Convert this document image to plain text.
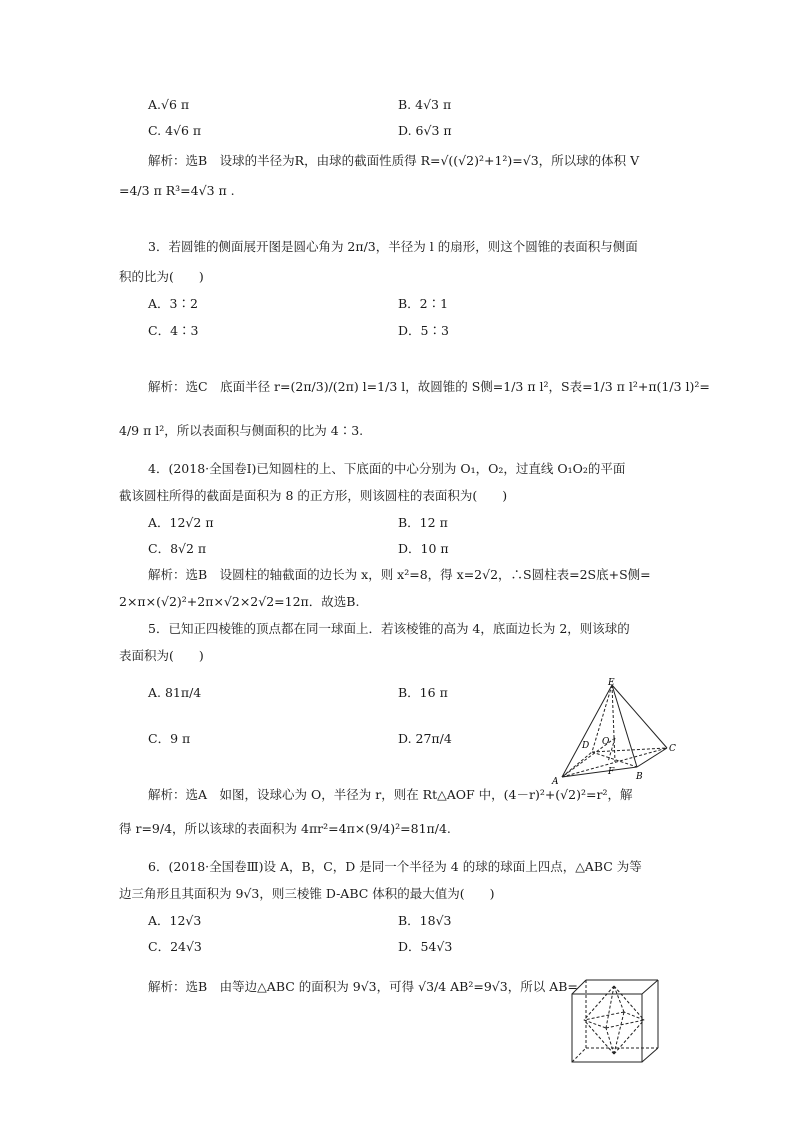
A.√6 π	B. 4√3 π
C. 4√6 π	D. 6√3 π
解析：选B　设球的半径为R，由球的截面性质得 R=√((√2)²+1²)=√3，所以球的体积 V
=4/3 π R³=4√3 π .
3．若圆锥的侧面展开图是圆心角为 2π/3，半径为 l 的扇形，则这个圆锥的表面积与侧面
积的比为(　　)
A．3∶2	B．2∶1
C．4∶3	D．5∶3
解析：选C　底面半径 r=(2π/3)/(2π) l=1/3 l，故圆锥的 S侧=1/3 π l²，S表=1/3 π l²+π(1/3 l)²=
4/9 π l²，所以表面积与侧面积的比为 4∶3.
4．(2018·全国卷Ⅰ)已知圆柱的上、下底面的中心分别为 O₁，O₂，过直线 O₁O₂的平面
截该圆柱所得的截面是面积为 8 的正方形，则该圆柱的表面积为(　　)
A．12√2 π	B．12 π
C．8√2 π	D．10 π
解析：选B　设圆柱的轴截面的边长为 x，则 x²=8，得 x=2√2，∴S圆柱表=2S底+S侧=
2×π×(√2)²+2π×√2×2√2=12π．故选B.
5．已知正四棱锥的顶点都在同一球面上．若该棱锥的高为 4，底面边长为 2，则该球的
表面积为(　　)
A. 81π/4	B．16 π
C．9 π	D. 27π/4
解析：选A　如图，设球心为 O，半径为 r，则在 Rt△AOF 中，(4－r)²+(√2)²=r²，解
得 r=9/4，所以该球的表面积为 4πr²=4π×(9/4)²=81π/4.
6．(2018·全国卷Ⅲ)设 A，B，C，D 是同一个半径为 4 的球的球面上四点，△ABC 为等
边三角形且其面积为 9√3，则三棱锥 D-ABC 体积的最大值为(　　)
A．12√3	B．18√3
C．24√3	D．54√3
解析：选B　由等边△ABC 的面积为 9√3，可得 √3/4 AB²=9√3，所以 AB=
E
D O
C
A
F B
